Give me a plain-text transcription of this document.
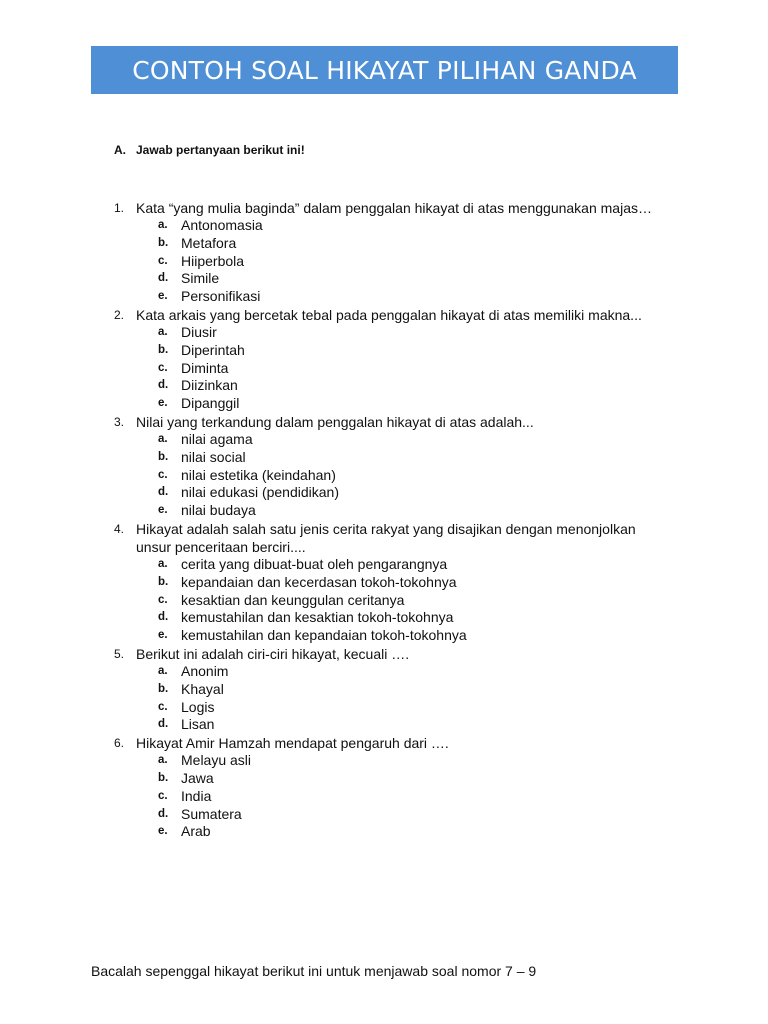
CONTOH SOAL HIKAYAT PILIHAN GANDA
A. Jawab pertanyaan berikut ini!
1. Kata “yang mulia baginda” dalam penggalan hikayat di atas menggunakan majas…
a. Antonomasia
b. Metafora
c. Hiiperbola
d. Simile
e. Personifikasi
2. Kata arkais yang bercetak tebal pada penggalan hikayat di atas memiliki makna...
a. Diusir
b. Diperintah
c. Diminta
d. Diizinkan
e. Dipanggil
3. Nilai yang terkandung dalam penggalan hikayat di atas adalah...
a. nilai agama
b. nilai social
c. nilai estetika (keindahan)
d. nilai edukasi (pendidikan)
e. nilai budaya
4. Hikayat adalah salah satu jenis cerita rakyat yang disajikan dengan menonjolkan unsur penceritaan berciri....
a. cerita yang dibuat-buat oleh pengarangnya
b. kepandaian dan kecerdasan tokoh-tokohnya
c. kesaktian dan keunggulan ceritanya
d. kemustahilan dan kesaktian tokoh-tokohnya
e. kemustahilan dan kepandaian tokoh-tokohnya
5. Berikut ini adalah ciri-ciri hikayat, kecuali ….
a. Anonim
b. Khayal
c. Logis
d. Lisan
6. Hikayat Amir Hamzah mendapat pengaruh dari ….
a. Melayu asli
b. Jawa
c. India
d. Sumatera
e. Arab
Bacalah sepenggal hikayat berikut ini untuk menjawab soal nomor 7 – 9
